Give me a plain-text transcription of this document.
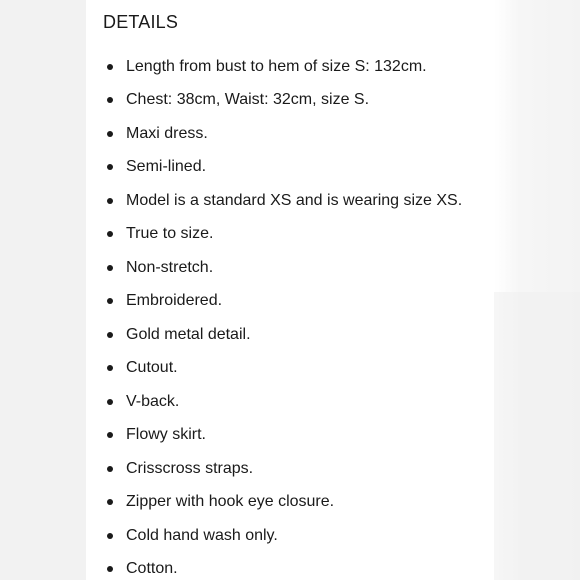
DETAILS
Length from bust to hem of size S: 132cm.
Chest: 38cm, Waist: 32cm, size S.
Maxi dress.
Semi-lined.
Model is a standard XS and is wearing size XS.
True to size.
Non-stretch.
Embroidered.
Gold metal detail.
Cutout.
V-back.
Flowy skirt.
Crisscross straps.
Zipper with hook eye closure.
Cold hand wash only.
Cotton.
